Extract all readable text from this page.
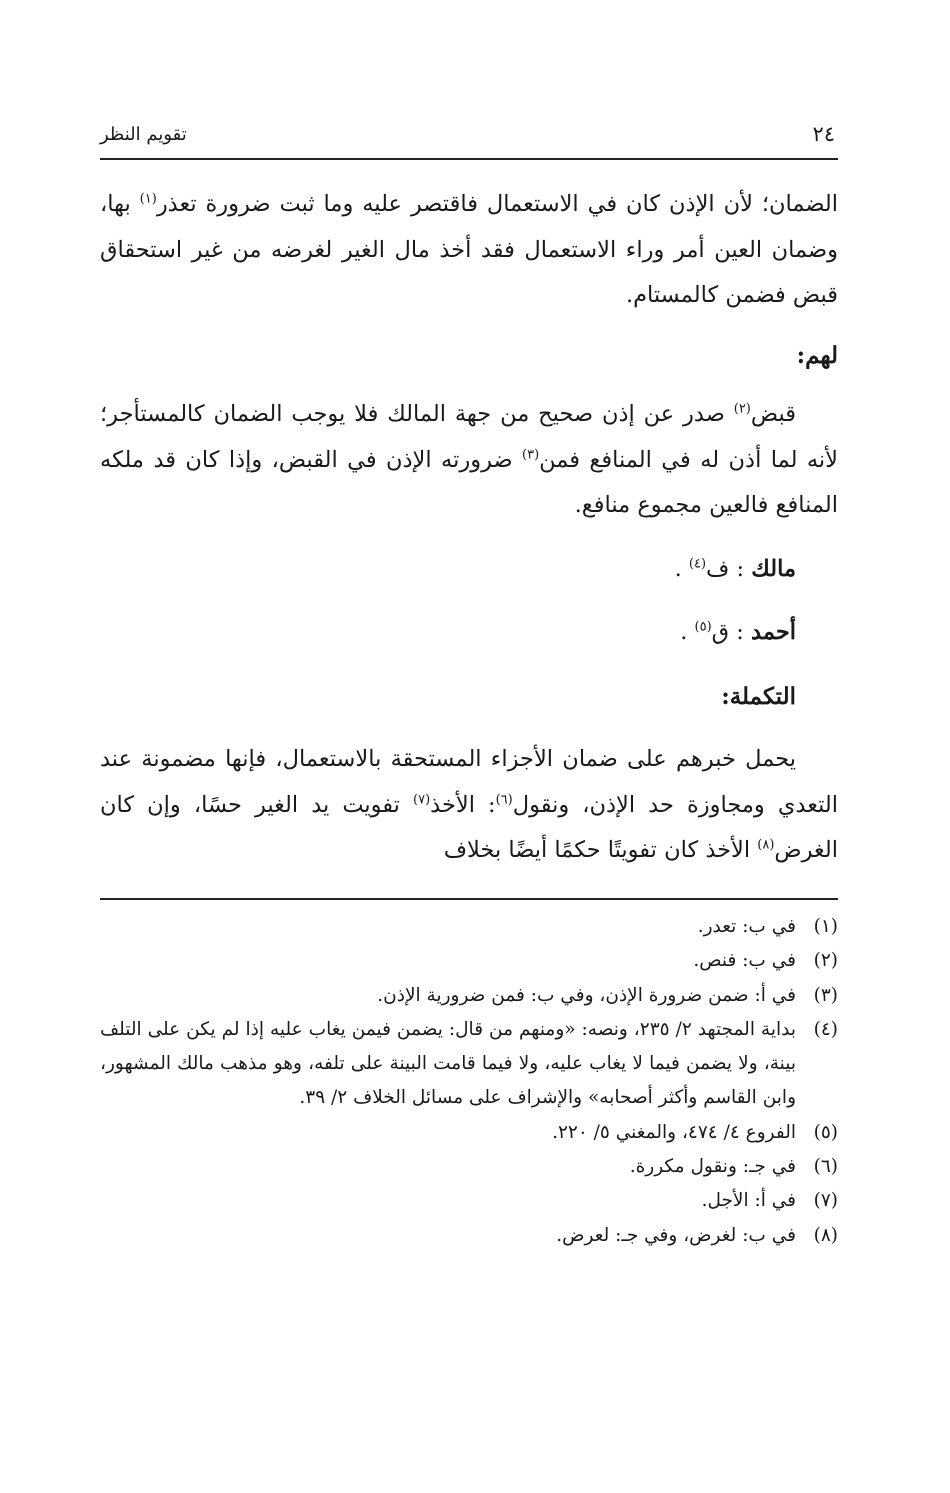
٢٤
تقويم النظر

الضمان؛ لأن الإذن كان في الاستعمال فاقتصر عليه وما ثبت ضرورة تعذر$^{(١)}$ بها، وضمان العين أمر وراء الاستعمال فقد أخذ مال الغير لغرضه من غير استحقاق قبض فضمن كالمستام.

لهم:

قبض$^{(٢)}$ صدر عن إذن صحيح من جهة المالك فلا يوجب الضمان كالمستأجر؛ لأنه لما أذن له في المنافع فمن$^{(٣)}$ ضرورته الإذن في القبض، وإذا كان قد ملكه المنافع فالعين مجموع منافع.

مالك : ف$^{(٤)}$ .

أحمد : ق$^{(٥)}$ .

التكملة:

يحمل خبرهم على ضمان الأجزاء المستحقة بالاستعمال، فإنها مضمونة عند التعدي ومجاوزة حد الإذن، ونقول$^{(٦)}$: الأخذ$^{(٧)}$ تفويت يد الغير حسًا، وإن كان الغرض$^{(٨)}$ الأخذ كان تفويتًا حكمًا أيضًا بخلاف

(١)
في ب: تعدر.
(٢)
في ب: فنص.
(٣)
في أ: ضمن ضرورة الإذن، وفي ب: فمن ضرورية الإذن.
(٤)
بداية المجتهد ٢/ ٢٣٥، ونصه: «ومنهم من قال: يضمن فيمن يغاب عليه إذا لم يكن على التلف بينة، ولا يضمن فيما لا يغاب عليه، ولا فيما قامت البينة على تلفه، وهو مذهب مالك المشهور، وابن القاسم وأكثر أصحابه» والإشراف على مسائل الخلاف ٢/ ٣٩.
(٥)
الفروع ٤/ ٤٧٤، والمغني ٥/ ٢٢٠.
(٦)
في جـ: ونقول مكررة.
(٧)
في أ: الأجل.
(٨)
في ب: لغرض، وفي جـ: لعرض.
